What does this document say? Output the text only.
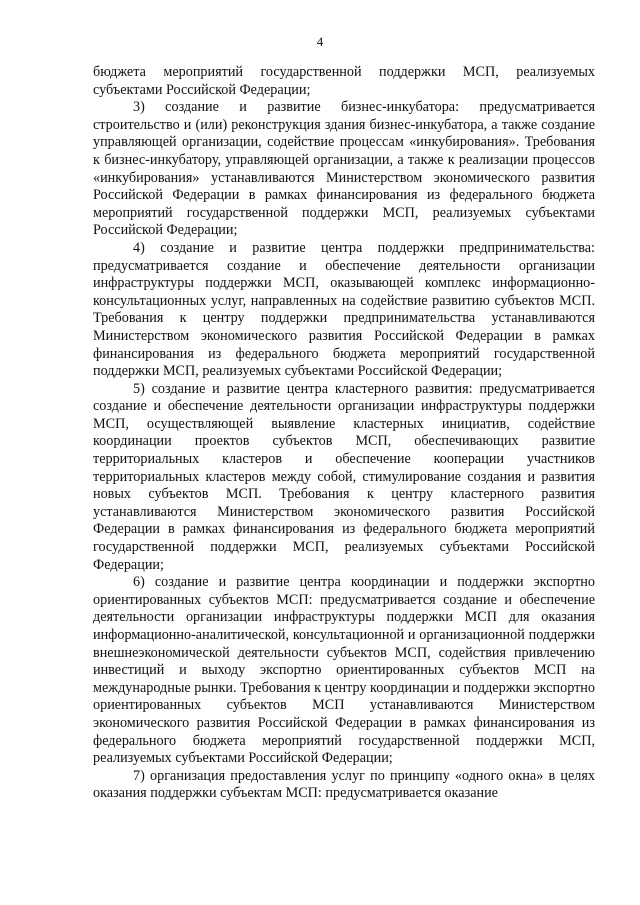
4

бюджета мероприятий государственной поддержки МСП, реализуемых субъектами Российской Федерации;

3) создание и развитие бизнес-инкубатора: предусматривается строительство и (или) реконструкция здания бизнес-инкубатора, а также создание управляющей организации, содействие процессам «инкубирования». Требования к бизнес-инкубатору, управляющей организации, а также к реализации процессов «инкубирования» устанавливаются Министерством экономического развития Российской Федерации в рамках финансирования из федерального бюджета мероприятий государственной поддержки МСП, реализуемых субъектами Российской Федерации;

4) создание и развитие центра поддержки предпринимательства: предусматривается создание и обеспечение деятельности организации инфраструктуры поддержки МСП, оказывающей комплекс информационно-консультационных услуг, направленных на содействие развитию субъектов МСП. Требования к центру поддержки предпринимательства устанавливаются Министерством экономического развития Российской Федерации в рамках финансирования из федерального бюджета мероприятий государственной поддержки МСП, реализуемых субъектами Российской Федерации;

5) создание и развитие центра кластерного развития: предусматривается создание и обеспечение деятельности организации инфраструктуры поддержки МСП, осуществляющей выявление кластерных инициатив, содействие координации проектов субъектов МСП, обеспечивающих развитие территориальных кластеров и обеспечение кооперации участников территориальных кластеров между собой, стимулирование создания и развития новых субъектов МСП. Требования к центру кластерного развития устанавливаются Министерством экономического развития Российской Федерации в рамках финансирования из федерального бюджета мероприятий государственной поддержки МСП, реализуемых субъектами Российской Федерации;

6) создание и развитие центра координации и поддержки экспортно ориентированных субъектов МСП: предусматривается создание и обеспечение деятельности организации инфраструктуры поддержки МСП для оказания информационно-аналитической, консультационной и организационной поддержки внешнеэкономической деятельности субъектов МСП, содействия привлечению инвестиций и выходу экспортно ориентированных субъектов МСП на международные рынки. Требования к центру координации и поддержки экспортно ориентированных субъектов МСП устанавливаются Министерством экономического развития Российской Федерации в рамках финансирования из федерального бюджета мероприятий государственной поддержки МСП, реализуемых субъектами Российской Федерации;

7) организация предоставления услуг по принципу «одного окна» в целях оказания поддержки субъектам МСП: предусматривается оказание
